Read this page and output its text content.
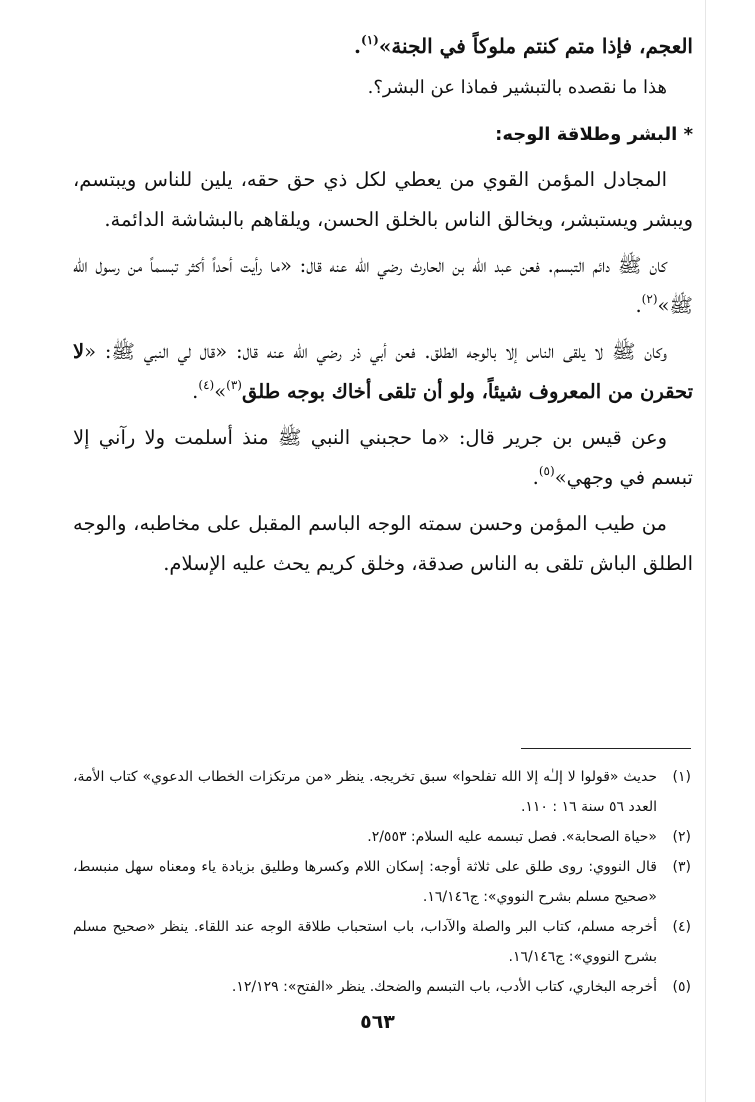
العجم، فإذا متم كنتم ملوكاً في الجنة»$^{(١)}$.

هذا ما نقصده بالتبشير فماذا عن البشر؟.

* البشر وطلاقة الوجه:

المجادل المؤمن القوي من يعطي لكل ذي حق حقه، يلين للناس ويبتسم، ويبشر ويستبشر، ويخالق الناس بالخلق الحسن، ويلقاهم بالبشاشة الدائمة.

كان ﷺ دائم التبسم. فعن عبد الله بن الحارث رضي الله عنه قال: «ما رأيت أحداً أكثر تبسماً من رسول الله ﷺ»$^{(٢)}$.

وكان ﷺ لا يلقى الناس إلا بالوجه الطلق. فعن أبي ذر رضي الله عنه قال: «قال لي النبي ﷺ: «لا تحقرن من المعروف شيئاً، ولو أن تلقى أخاك بوجه طلق$^{(٣)}$»$^{(٤)}$.

وعن قيس بن جرير قال: «ما حجبني النبي ﷺ منذ أسلمت ولا رآني إلا تبسم في وجهي»$^{(٥)}$.

من طيب المؤمن وحسن سمته الوجه الباسم المقبل على مخاطبه، والوجه الطلق الباش تلقى به الناس صدقة، وخلق كريم يحث عليه الإسلام.

(١)
حديث «قولوا لا إلـٰه إلا الله تفلحوا» سبق تخريجه. ينظر «من مرتكزات الخطاب الدعوي» كتاب الأمة، العدد ٥٦ سنة ١٦ : ١١٠.
(٢)
«حياة الصحابة». فصل تبسمه عليه السلام: ٢/٥٥٣.
(٣)
قال النووي: روى طلق على ثلاثة أوجه: إسكان اللام وكسرها وطليق بزيادة ياء ومعناه سهل منبسط، «صحيح مسلم بشرح النووي»: ج١٦/١٤٦.
(٤)
أخرجه مسلم، كتاب البر والصلة والآداب، باب استحباب طلاقة الوجه عند اللقاء. ينظر «صحيح مسلم بشرح النووي»: ج١٦/١٤٦.
(٥)
أخرجه البخاري، كتاب الأدب، باب التبسم والضحك. ينظر «الفتح»: ١٢/١٢٩.
٥٦٣
